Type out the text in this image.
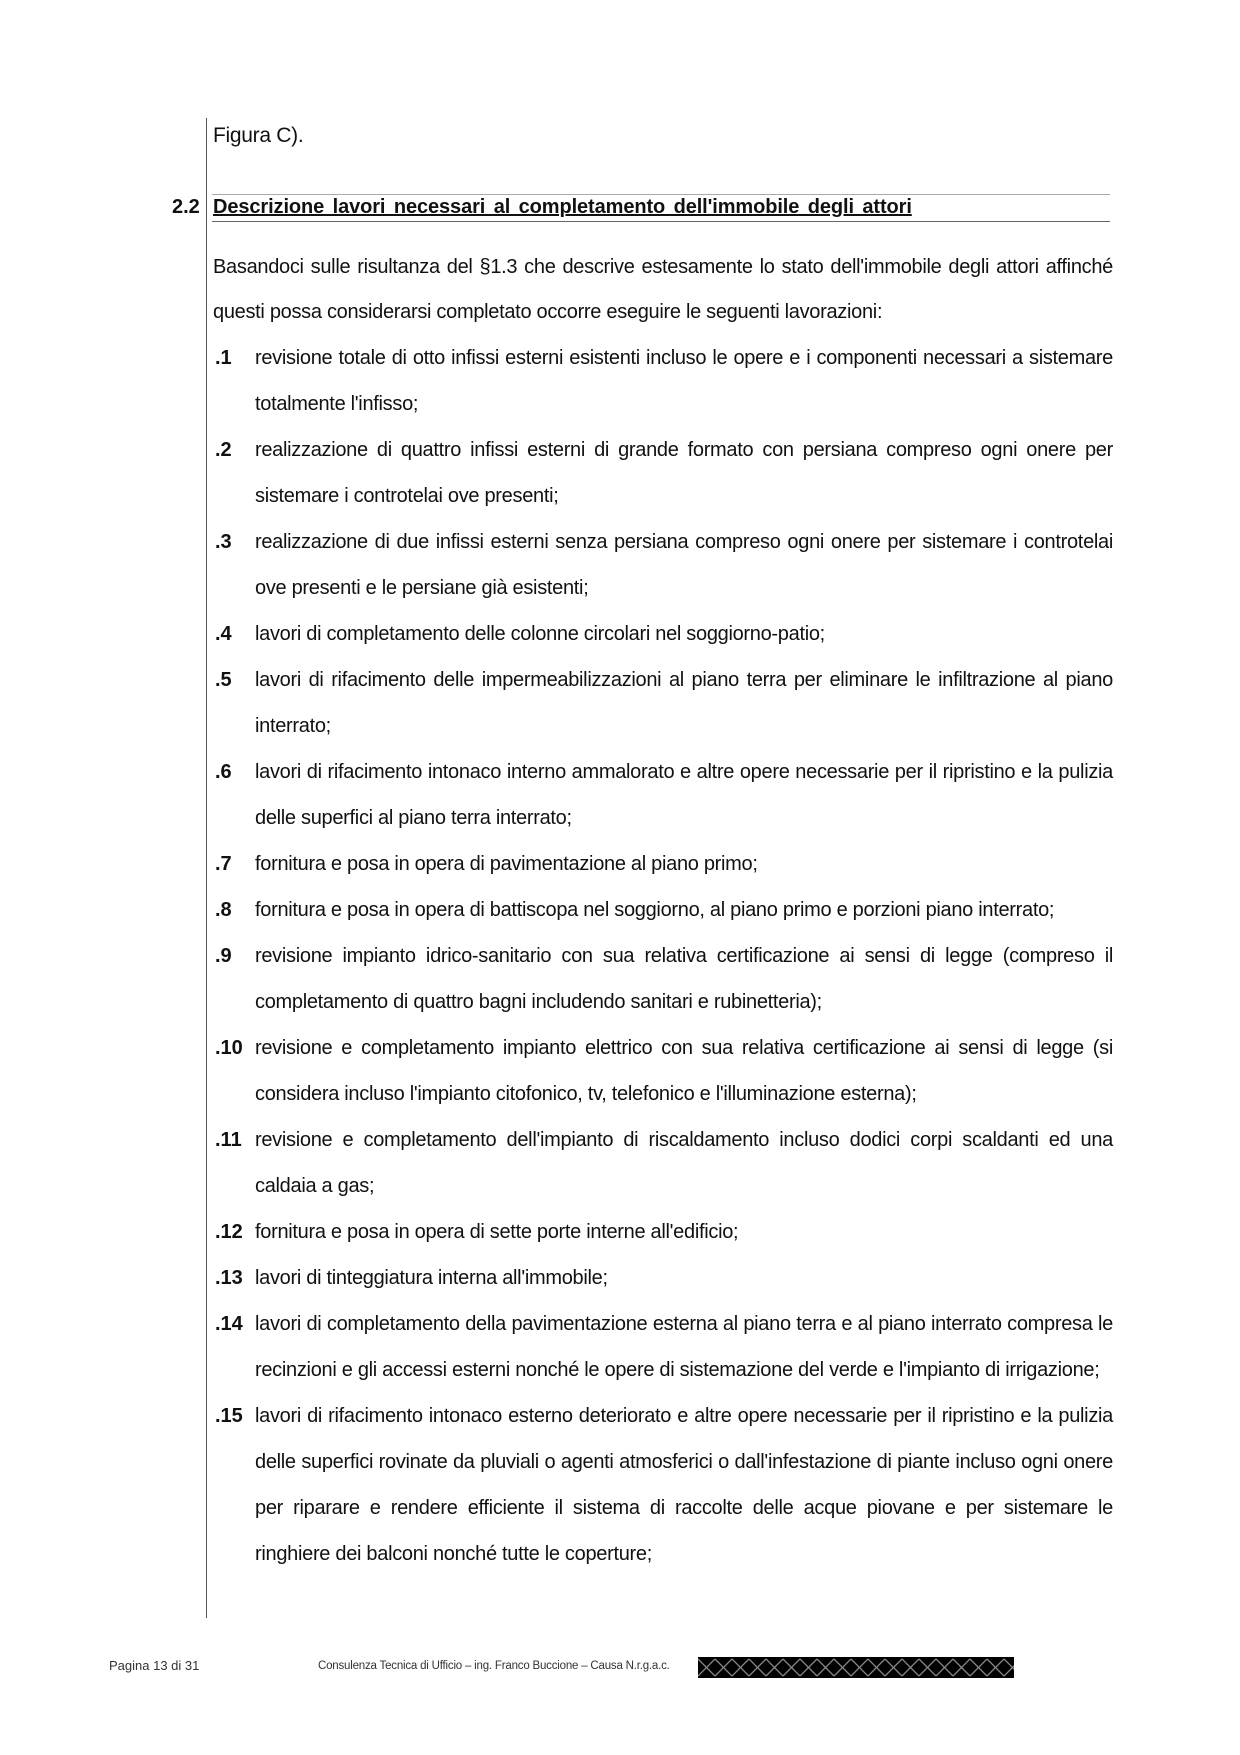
Figura C).
2.2 Descrizione lavori necessari al completamento dell'immobile degli attori
Basandoci sulle risultanza del §1.3 che descrive estesamente lo stato dell'immobile degli attori affinché questi possa considerarsi completato occorre eseguire le seguenti lavorazioni:
.1 revisione totale di otto infissi esterni esistenti incluso le opere e i componenti necessari a sistemare totalmente l'infisso;
.2 realizzazione di quattro infissi esterni di grande formato con persiana compreso ogni onere per sistemare i controtelai ove presenti;
.3 realizzazione di due infissi esterni senza persiana compreso ogni onere per sistemare i controtelai ove presenti e le persiane già esistenti;
.4 lavori di completamento delle colonne circolari nel soggiorno-patio;
.5 lavori di rifacimento delle impermeabilizzazioni al piano terra per eliminare le infiltrazione al piano interrato;
.6 lavori di rifacimento intonaco interno ammalorato e altre opere necessarie per il ripristino e la pulizia delle superfici al piano terra interrato;
.7 fornitura e posa in opera di pavimentazione al piano primo;
.8 fornitura e posa in opera di battiscopa nel soggiorno, al piano primo e porzioni piano interrato;
.9 revisione impianto idrico-sanitario con sua relativa certificazione ai sensi di legge (compreso il completamento di quattro bagni includendo sanitari e rubinetteria);
.10 revisione e completamento impianto elettrico con sua relativa certificazione ai sensi di legge (si considera incluso l'impianto citofonico, tv, telefonico e l'illuminazione esterna);
.11 revisione e completamento dell'impianto di riscaldamento incluso dodici corpi scaldanti ed una caldaia a gas;
.12 fornitura e posa in opera di sette porte interne all'edificio;
.13 lavori di tinteggiatura interna all'immobile;
.14 lavori di completamento della pavimentazione esterna al piano terra e al piano interrato compresa le recinzioni e gli accessi esterni nonché le opere di sistemazione del verde e l'impianto di irrigazione;
.15 lavori di rifacimento intonaco esterno deteriorato e altre opere necessarie per il ripristino e la pulizia delle superfici rovinate da pluviali o agenti atmosferici o dall'infestazione di piante incluso ogni onere per riparare e rendere efficiente il sistema di raccolte delle acque piovane e per sistemare le ringhiere dei balconi nonché tutte le coperture;
Pagina 13 di 31	Consulenza Tecnica di Ufficio – ing. Franco Buccione – Causa N.r.g.a.c.
